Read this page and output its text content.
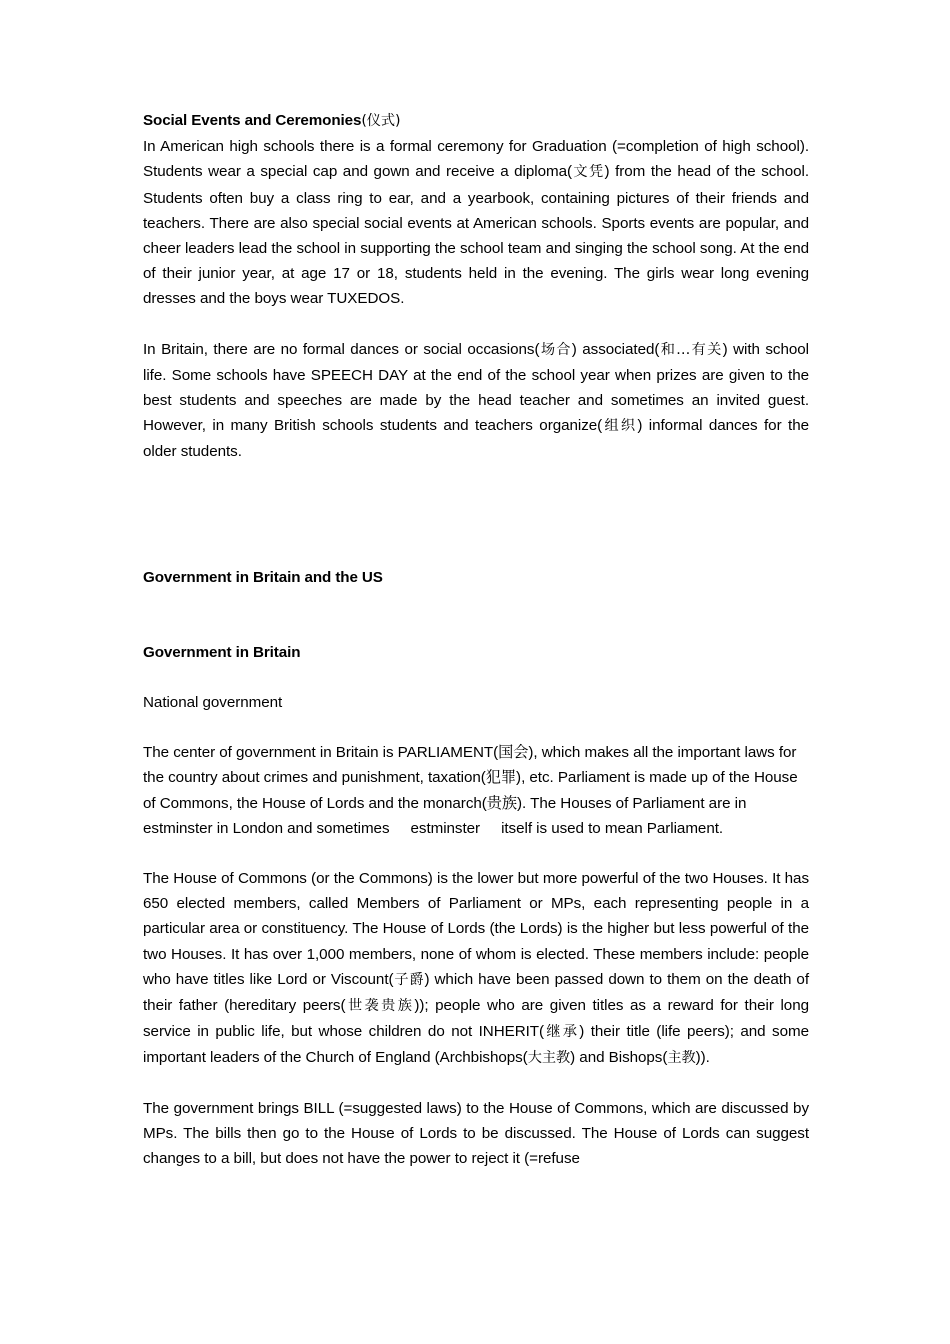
Social Events and Ceremonies(仪式)

In American high schools there is a formal ceremony for Graduation (=completion of high school). Students wear a special cap and gown and receive a diploma(文凭) from the head of the school. Students often buy a class ring to ear, and a yearbook, containing pictures of their friends and teachers. There are also special social events at American schools. Sports events are popular, and cheer leaders lead the school in supporting the school team and singing the school song. At the end of their junior year, at age 17 or 18, students held in the evening. The girls wear long evening dresses and the boys wear TUXEDOS.

In Britain, there are no formal dances or social occasions(场合) associated(和…有关) with school life. Some schools have SPEECH DAY at the end of the school year when prizes are given to the best students and speeches are made by the head teacher and sometimes an invited guest. However, in many British schools students and teachers organize(组织) informal dances for the older students.

Government in Britain and the US
Government in Britain

National government

The center of government in Britain is PARLIAMENT(国会), which makes all the important laws for the country about crimes and punishment, taxation(犯罪), etc. Parliament is made up of the House of Commons, the House of Lords and the monarch(贵族). The Houses of Parliament are inestminster in London and sometimes estminster itself is used to mean Parliament.

The House of Commons (or the Commons) is the lower but more powerful of the two Houses. It has 650 elected members, called Members of Parliament or MPs, each representing people in a particular area or constituency. The House of Lords (the Lords) is the higher but less powerful of the two Houses. It has over 1,000 members, none of whom is elected. These members include: people who have titles like Lord or Viscount(子爵) which have been passed down to them on the death of their father (hereditary peers(世袭贵族)); people who are given titles as a reward for their long service in public life, but whose children do not INHERIT(继承) their title (life peers); and some important leaders of the Church of England (Archbishops(大主教) and Bishops(主教)).

The government brings BILL (=suggested laws) to the House of Commons, which are discussed by MPs. The bills then go to the House of Lords to be discussed. The House of Lords can suggest changes to a bill, but does not have the power to reject it (=refuse
